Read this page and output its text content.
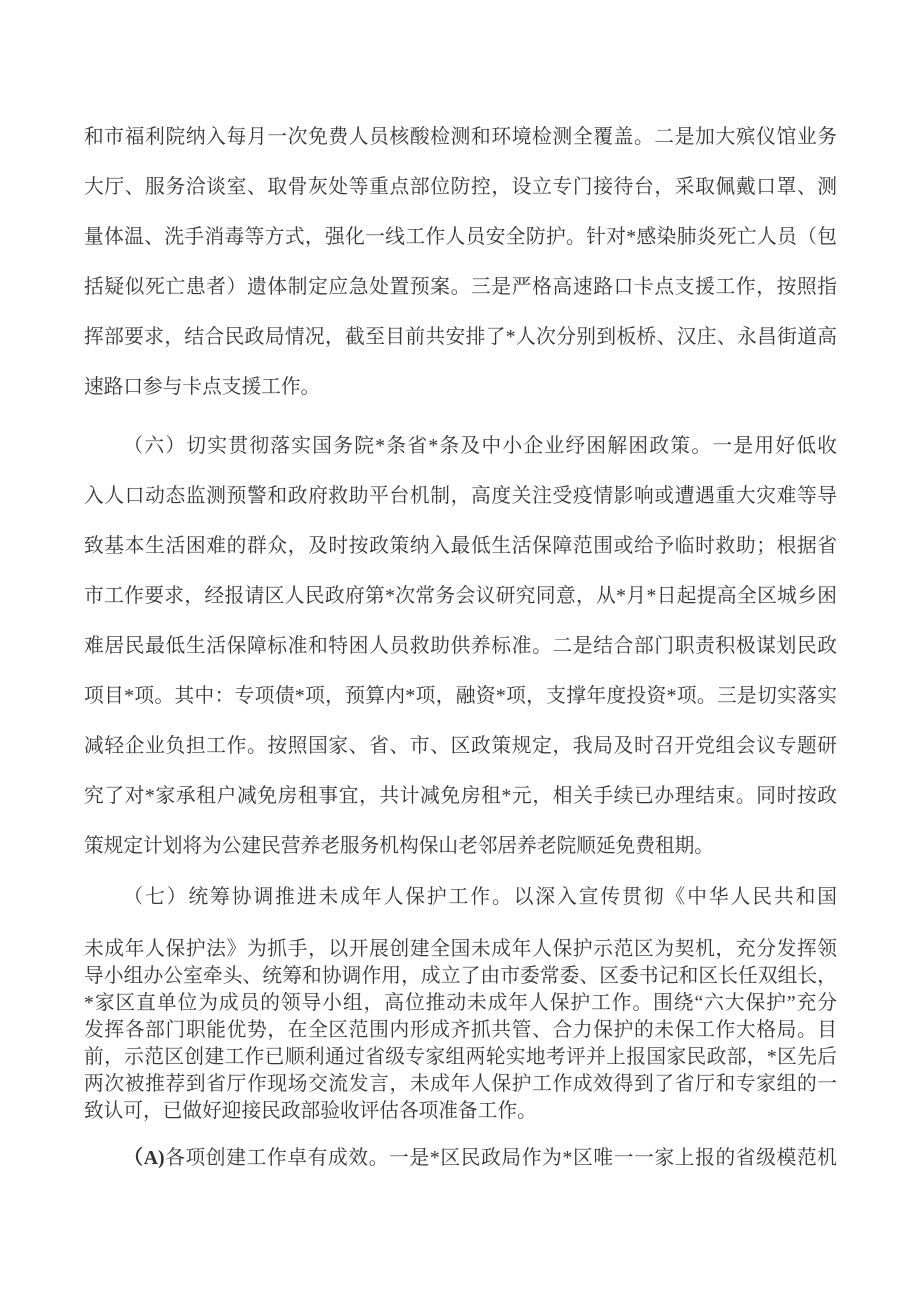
和市福利院纳入每月一次免费人员核酸检测和环境检测全覆盖。二是加大殡仪馆业务
大厅、服务洽谈室、取骨灰处等重点部位防控，设立专门接待台，采取佩戴口罩、测
量体温、洗手消毒等方式，强化一线工作人员安全防护。针对*感染肺炎死亡人员（包
括疑似死亡患者）遗体制定应急处置预案。三是严格高速路口卡点支援工作，按照指
挥部要求，结合民政局情况，截至目前共安排了*人次分别到板桥、汉庄、永昌街道高
速路口参与卡点支援工作。
（六）切实贯彻落实国务院*条省*条及中小企业纾困解困政策。一是用好低收
入人口动态监测预警和政府救助平台机制，高度关注受疫情影响或遭遇重大灾难等导
致基本生活困难的群众，及时按政策纳入最低生活保障范围或给予临时救助；根据省
市工作要求，经报请区人民政府第*次常务会议研究同意，从*月*日起提高全区城乡困
难居民最低生活保障标准和特困人员救助供养标准。二是结合部门职责积极谋划民政
项目*项。其中：专项债*项，预算内*项，融资*项，支撑年度投资*项。三是切实落实
减轻企业负担工作。按照国家、省、市、区政策规定，我局及时召开党组会议专题研
究了对*家承租户减免房租事宜，共计减免房租*元，相关手续已办理结束。同时按政
策规定计划将为公建民营养老服务机构保山老邻居养老院顺延免费租期。
（七）统筹协调推进未成年人保护工作。以深入宣传贯彻《中华人民共和国
未成年人保护法》为抓手，以开展创建全国未成年人保护示范区为契机，充分发挥领
导小组办公室牵头、统筹和协调作用，成立了由市委常委、区委书记和区长任双组长，
*家区直单位为成员的领导小组，高位推动未成年人保护工作。围绕“六大保护”充分
发挥各部门职能优势，在全区范围内形成齐抓共管、合力保护的未保工作大格局。目
前，示范区创建工作已顺利通过省级专家组两轮实地考评并上报国家民政部，*区先后
两次被推荐到省厅作现场交流发言，未成年人保护工作成效得到了省厅和专家组的一
致认可，已做好迎接民政部验收评估各项准备工作。
（A)各项创建工作卓有成效。一是*区民政局作为*区唯一一家上报的省级模范机
